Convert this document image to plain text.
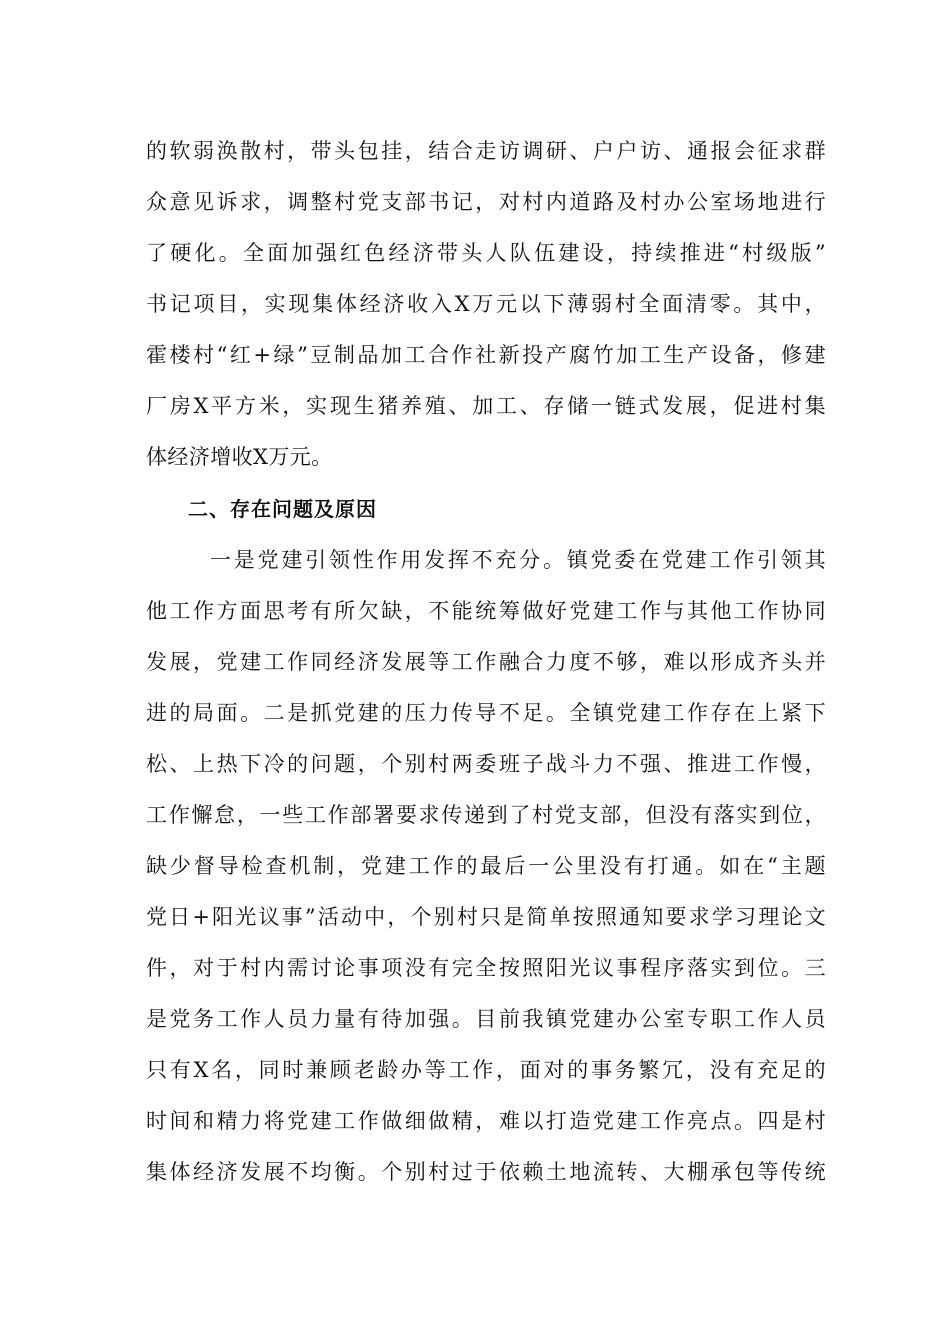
的软弱涣散村，带头包挂，结合走访调研、户户访、通报会征求群
众意见诉求，调整村党支部书记，对村内道路及村办公室场地进行
了硬化。全面加强红色经济带头人队伍建设，持续推进“村级版”
书记项目，实现集体经济收入X万元以下薄弱村全面清零。其中，
霍楼村“红+绿”豆制品加工合作社新投产腐竹加工生产设备，修建
厂房X平方米，实现生猪养殖、加工、存储一链式发展，促进村集
体经济增收X万元。
二、存在问题及原因
一是党建引领性作用发挥不充分。镇党委在党建工作引领其
他工作方面思考有所欠缺，不能统筹做好党建工作与其他工作协同
发展，党建工作同经济发展等工作融合力度不够，难以形成齐头并
进的局面。二是抓党建的压力传导不足。全镇党建工作存在上紧下
松、上热下冷的问题，个别村两委班子战斗力不强、推进工作慢，
工作懈怠，一些工作部署要求传递到了村党支部，但没有落实到位，
缺少督导检查机制，党建工作的最后一公里没有打通。如在“主题
党日+阳光议事”活动中，个别村只是简单按照通知要求学习理论文
件，对于村内需讨论事项没有完全按照阳光议事程序落实到位。三
是党务工作人员力量有待加强。目前我镇党建办公室专职工作人员
只有X名，同时兼顾老龄办等工作，面对的事务繁冗，没有充足的
时间和精力将党建工作做细做精，难以打造党建工作亮点。四是村
集体经济发展不均衡。个别村过于依赖土地流转、大棚承包等传统
